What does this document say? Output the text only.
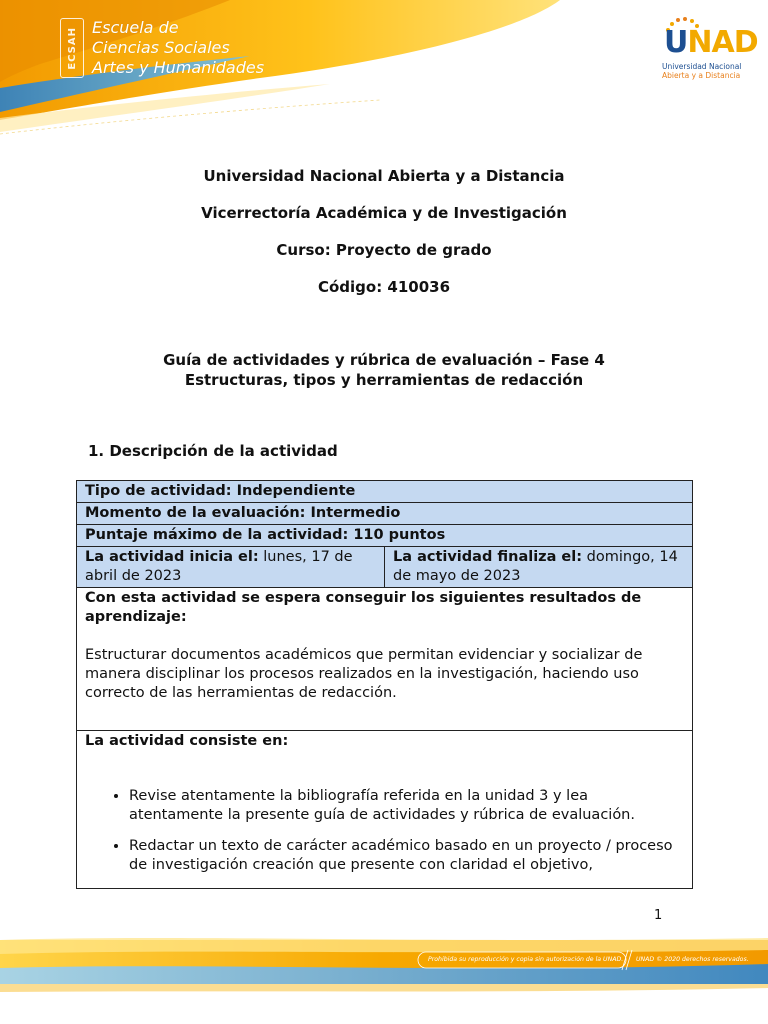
ECSAH Escuela de
Ciencias Sociales
Artes y Humanidades
UNAD
Universidad Nacional
Abierta y a Distancia
Universidad Nacional Abierta y a Distancia
Vicerrectoría Académica y de Investigación
Curso: Proyecto de grado
Código: 410036
Guía de actividades y rúbrica de evaluación – Fase 4
Estructuras, tipos y herramientas de redacción
1. Descripción de la actividad
Tipo de actividad: Independiente
Momento de la evaluación: Intermedio
Puntaje máximo de la actividad: 110 puntos
La actividad inicia el: lunes, 17 de abril de 2023	La actividad finaliza el: domingo, 14 de mayo de 2023

Con esta actividad se espera conseguir los siguientes resultados de aprendizaje:
Estructurar documentos académicos que permitan evidenciar y socializar de manera disciplinar los procesos realizados en la investigación, haciendo uso correcto de las herramientas de redacción.

La actividad consiste en:
• Revise atentamente la bibliografía referida en la unidad 3 y lea atentamente la presente guía de actividades y rúbrica de evaluación.
• Redactar un texto de carácter académico basado en un proyecto / proceso de investigación creación que presente con claridad el objetivo,
1
Prohibida su reproducción y copia sin autorización de la UNAD. UNAD © 2020 derechos reservados.
